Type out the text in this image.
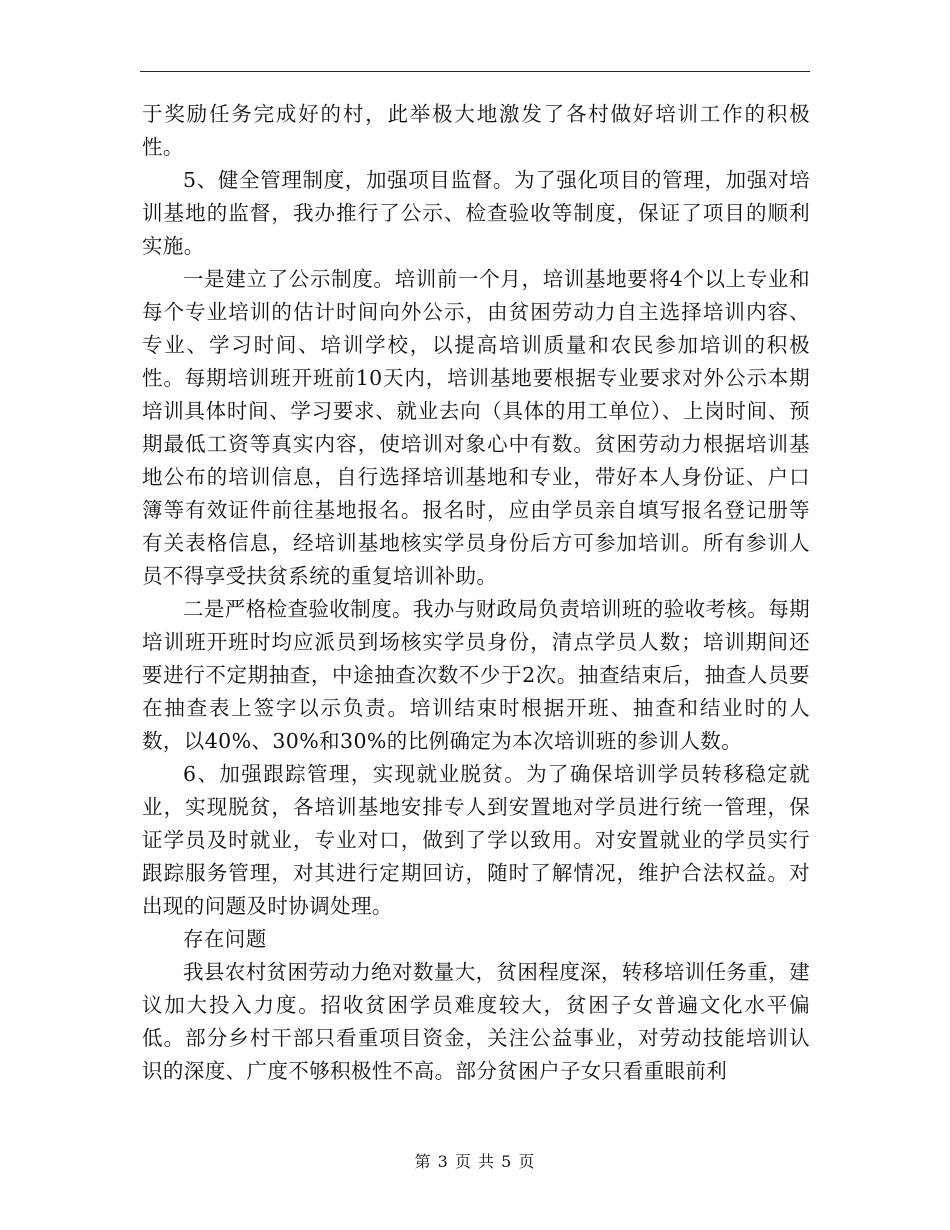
于奖励任务完成好的村，此举极大地激发了各村做好培训工作的积极性。

5、健全管理制度，加强项目监督。为了强化项目的管理，加强对培训基地的监督，我办推行了公示、检查验收等制度，保证了项目的顺利实施。

一是建立了公示制度。培训前一个月，培训基地要将4个以上专业和每个专业培训的估计时间向外公示，由贫困劳动力自主选择培训内容、专业、学习时间、培训学校，以提高培训质量和农民参加培训的积极性。每期培训班开班前10天内，培训基地要根据专业要求对外公示本期培训具体时间、学习要求、就业去向（具体的用工单位）、上岗时间、预期最低工资等真实内容，使培训对象心中有数。贫困劳动力根据培训基地公布的培训信息，自行选择培训基地和专业，带好本人身份证、户口簿等有效证件前往基地报名。报名时，应由学员亲自填写报名登记册等有关表格信息，经培训基地核实学员身份后方可参加培训。所有参训人员不得享受扶贫系统的重复培训补助。

二是严格检查验收制度。我办与财政局负责培训班的验收考核。每期培训班开班时均应派员到场核实学员身份，清点学员人数；培训期间还要进行不定期抽查，中途抽查次数不少于2次。抽查结束后，抽查人员要在抽查表上签字以示负责。培训结束时根据开班、抽查和结业时的人数，以40%、30%和30%的比例确定为本次培训班的参训人数。

6、加强跟踪管理，实现就业脱贫。为了确保培训学员转移稳定就业，实现脱贫，各培训基地安排专人到安置地对学员进行统一管理，保证学员及时就业，专业对口，做到了学以致用。对安置就业的学员实行跟踪服务管理，对其进行定期回访，随时了解情况，维护合法权益。对出现的问题及时协调处理。

存在问题

我县农村贫困劳动力绝对数量大，贫困程度深，转移培训任务重，建议加大投入力度。招收贫困学员难度较大，贫困子女普遍文化水平偏低。部分乡村干部只看重项目资金，关注公益事业，对劳动技能培训认识的深度、广度不够积极性不高。部分贫困户子女只看重眼前利

第 3 页 共 5 页
